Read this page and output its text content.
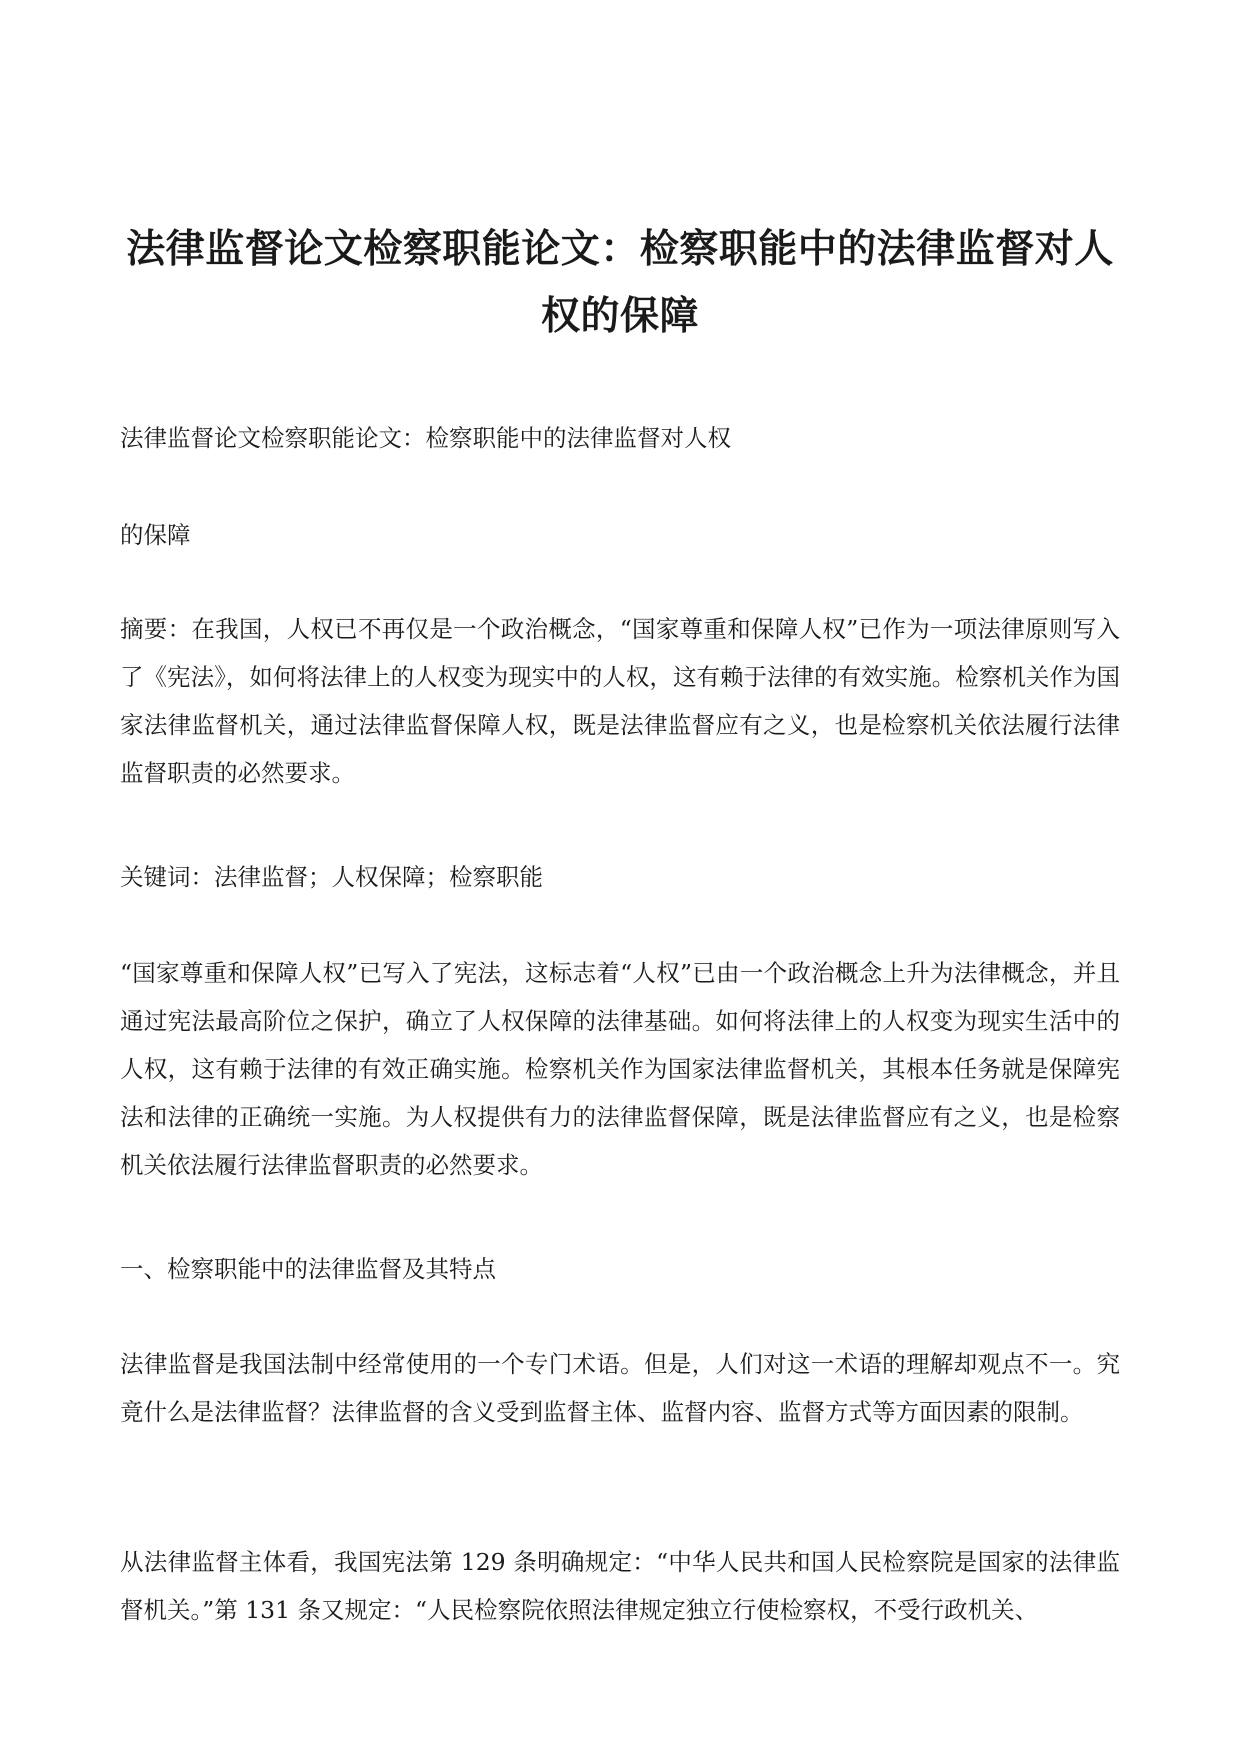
法律监督论文检察职能论文：检察职能中的法律监督对人权的保障

法律监督论文检察职能论文：检察职能中的法律监督对人权

的保障

摘要：在我国，人权已不再仅是一个政治概念，“国家尊重和保障人权”已作为一项法律原则写入了《宪法》，如何将法律上的人权变为现实中的人权，这有赖于法律的有效实施。检察机关作为国家法律监督机关，通过法律监督保障人权，既是法律监督应有之义，也是检察机关依法履行法律监督职责的必然要求。

关键词：法律监督；人权保障；检察职能

“国家尊重和保障人权”已写入了宪法，这标志着“人权”已由一个政治概念上升为法律概念，并且通过宪法最高阶位之保护，确立了人权保障的法律基础。如何将法律上的人权变为现实生活中的人权，这有赖于法律的有效正确实施。检察机关作为国家法律监督机关，其根本任务就是保障宪法和法律的正确统一实施。为人权提供有力的法律监督保障，既是法律监督应有之义，也是检察机关依法履行法律监督职责的必然要求。

一、检察职能中的法律监督及其特点

法律监督是我国法制中经常使用的一个专门术语。但是，人们对这一术语的理解却观点不一。究竟什么是法律监督？法律监督的含义受到监督主体、监督内容、监督方式等方面因素的限制。

从法律监督主体看，我国宪法第 129 条明确规定：“中华人民共和国人民检察院是国家的法律监督机关。”第 131 条又规定：“人民检察院依照法律规定独立行使检察权，不受行政机关、
